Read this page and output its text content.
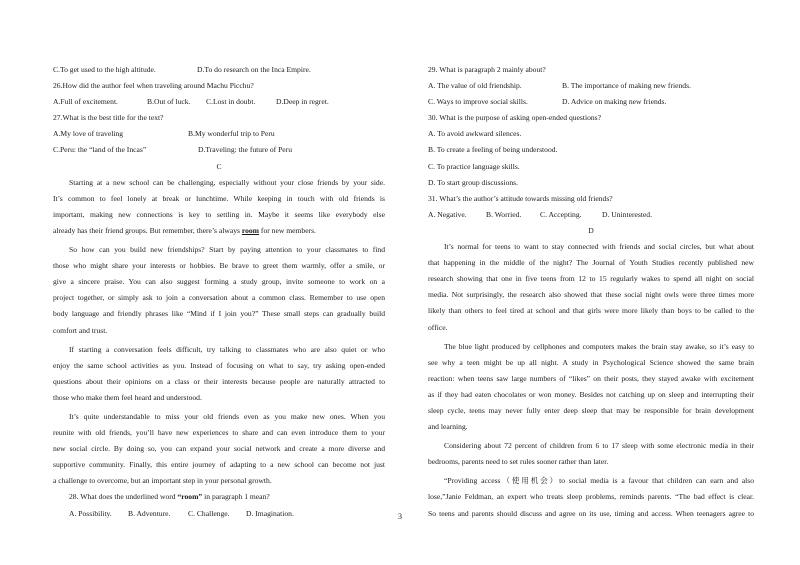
C.To get used to the high altitude.	D.To do research on the Inca Empire.
26.How did the author feel when traveling around Machu Picchu?
A.Full of excitement.	B.Out of luck.	C.Lost in doubt.	D.Deep in regret.
27.What is the best title for the text?
A.My love of traveling	B.My wonderful trip to Peru
C.Peru: the “land of the Incas”	D.Traveling: the future of Peru
C
Starting at a new school can be challenging, especially without your close friends by your side.
It’s common to feel lonely at break or lunchtime. While keeping in touch with old friends is
important, making new connections is key to settling in. Maybe it seems like everybody else
already has their friend groups. But remember, there’s always room for new members.
So how can you build new friendships? Start by paying attention to your classmates to find
those who might share your interests or hobbies. Be brave to greet them warmly, offer a smile, or
give a sincere praise. You can also suggest forming a study group, invite someone to work on a
project together, or simply ask to join a conversation about a common class. Remember to use open
body language and friendly phrases like “Mind if I join you?” These small steps can gradually build
comfort and trust.
If starting a conversation feels difficult, try talking to classmates who are also quiet or who
enjoy the same school activities as you. Instead of focusing on what to say, try asking open-ended
questions about their opinions on a class or their interests because people are naturally attracted to
those who make them feel heard and understood.
It’s quite understandable to miss your old friends even as you make new ones. When you
reunite with old friends, you’ll have new experiences to share and can even introduce them to your
new social circle. By doing so, you can expand your social network and create a more diverse and
supportive community. Finally, this entire journey of adapting to a new school can become not just
a challenge to overcome, but an important step in your personal growth.
28. What does the underlined word “room” in paragraph 1 mean?
A. Possibility.	B. Adventure.	C. Challenge.	D. Imagination.
29. What is paragraph 2 mainly about?
A. The value of old friendship.	B. The importance of making new friends.
C. Ways to improve social skills.	D. Advice on making new friends.
30. What is the purpose of asking open-ended questions?
A. To avoid awkward silences.
B. To create a feeling of being understood.
C. To practice language skills.
D. To start group discussions.
31. What’s the author’s attitude towards missing old friends?
A. Negative.	B. Worried.	C. Accepting.	D. Uninterested.
D
It’s normal for teens to want to stay connected with friends and social circles, but what about
that happening in the middle of the night? The Journal of Youth Studies recently published new
research showing that one in five teens from 12 to 15 regularly wakes to spend all night on social
media. Not surprisingly, the research also showed that these social night owls were three times more
likely than others to feel tired at school and that girls were more likely than boys to be called to the
office.
The blue light produced by cellphones and computers makes the brain stay awake, so it’s easy to
see why a teen might be up all night. A study in Psychological Science showed the same brain
reaction: when teens saw large numbers of “likes” on their posts, they stayed awake with excitement
as if they had eaten chocolates or won money. Besides not catching up on sleep and interrupting their
sleep cycle, teens may never fully enter deep sleep that may be responsible for brain development
and learning.
Considering about 72 percent of children from 6 to 17 sleep with some electronic media in their
bedrooms, parents need to set rules sooner rather than later.
“Providing access（使用机会）to social media is a favour that children can earn and also
lose,”Janie Feldman, an expert who treats sleep problems, reminds parents. “The bad effect is clear.
So teens and parents should discuss and agree on its use, timing and access. When teenagers agree to
3
